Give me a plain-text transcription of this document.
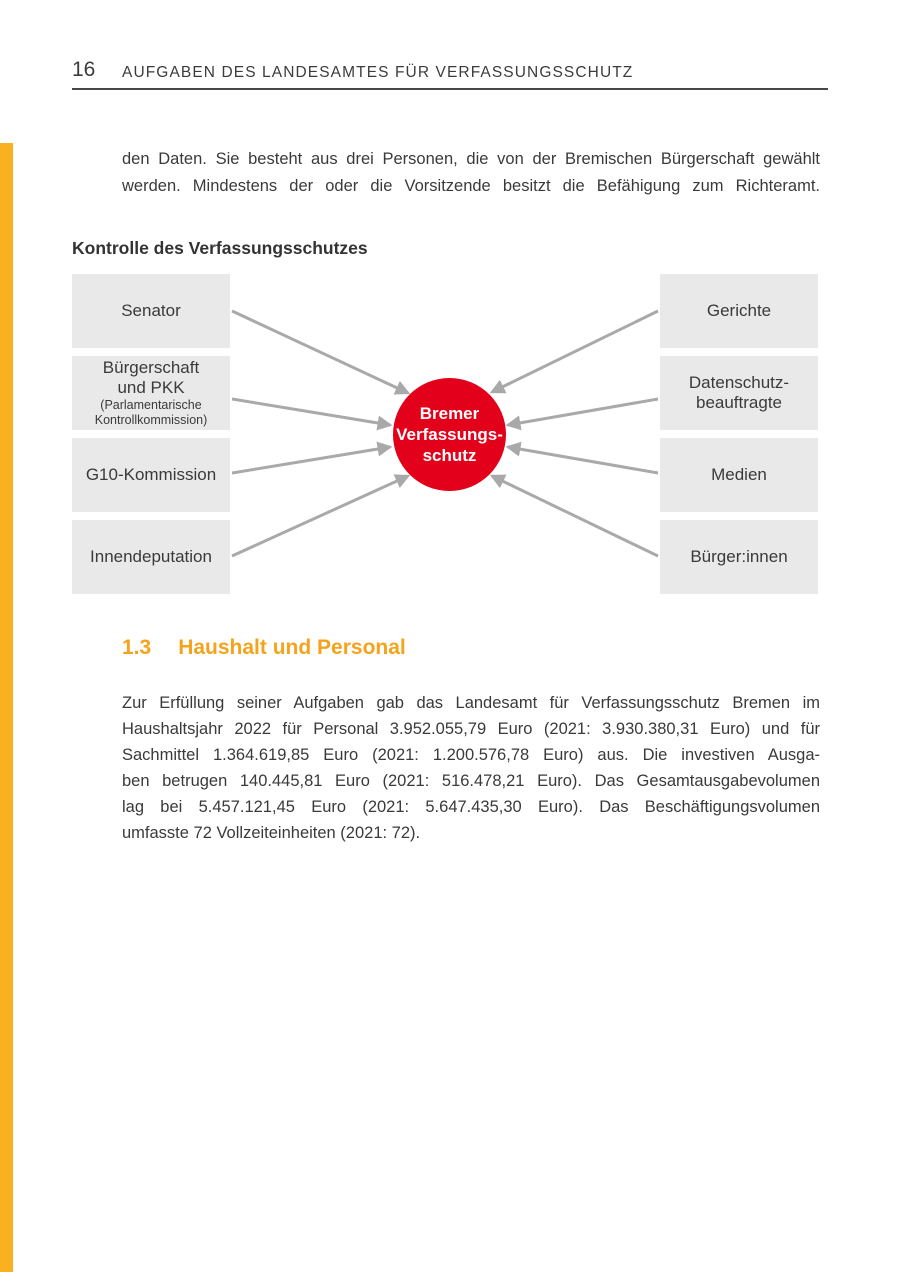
16 AUFGABEN DES LANDESAMTES FÜR VERFASSUNGSSCHUTZ
den Daten. Sie besteht aus drei Personen, die von der Bremischen Bürgerschaft gewählt
werden. Mindestens der oder die Vorsitzende besitzt die Befähigung zum Richteramt.
Kontrolle des Verfassungsschutzes
Senator
Bürgerschaft
und PKK
(Parlamentarische
Kontrollkommission)
G10-Kommission
Innendeputation
Gerichte
Datenschutz-
beauftragte
Medien
Bürger:innen
Bremer
Verfassungs-
schutz
1.3 Haushalt und Personal
Zur Erfüllung seiner Aufgaben gab das Landesamt für Verfassungsschutz Bremen im
Haushaltsjahr 2022 für Personal 3.952.055,79 Euro (2021: 3.930.380,31 Euro) und für
Sachmittel 1.364.619,85 Euro (2021: 1.200.576,78 Euro) aus. Die investiven Ausga-
ben betrugen 140.445,81 Euro (2021: 516.478,21 Euro). Das Gesamtausgabevolumen
lag bei 5.457.121,45 Euro (2021: 5.647.435,30 Euro). Das Beschäftigungsvolumen
umfasste 72 Vollzeiteinheiten (2021: 72).
